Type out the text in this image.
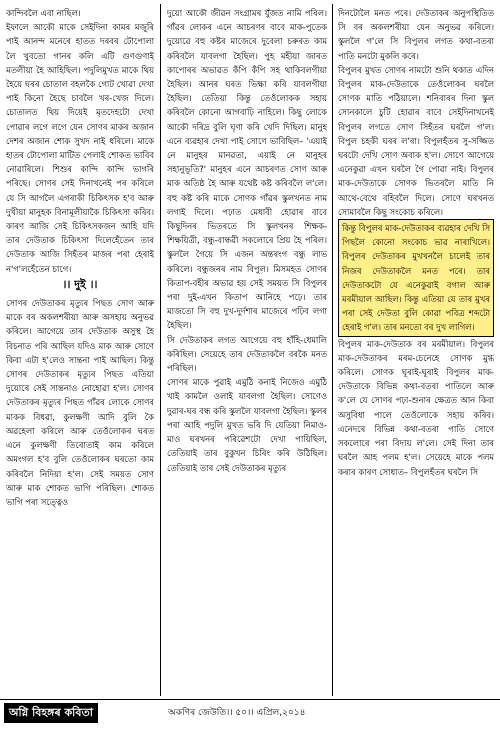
কান্দিবলৈ এবা নাছিল।

ইফালে আকৌ মাকে সেইদিনা কামৰ মজুৰি পাই আনন্দ মনেৰে হাতত দৰবৰ টোপোলা লৈ খুবতো গানৰ কলি এটি গুণগুণাই মতলীয়া হৈ আহিছিল। পদুলিমুখত মাকে থিয় হৈয়ে ঘৰৰ চোতাল বহলকৈ গোট খোৱা দেখা পাই কিনো হৈছে চাবলৈ খৰ-খেজ দিলে। চোতালত থিয় দিয়েই মৃতদেহটো দেখা পোৱাৰ লগে লগে যেন সোণৰ মাকৰ অজান দেশৰ অজান শোক সুখদ নাই ধৰিলে। মাকে হাতৰ টোপোলা মাটিত পেলাই শোকত ভাবিব নোৱাৰিলে। শিশুৰ কান্দি কান্দি ভাগৰি পৰিছে। সোণৰ সেই দিনাখনেই পৰ কৰিলে যে সি আগলৈ এগৰাকী চিকিৎসক হ'ব আৰু দুখীয়া মানুহক বিনামূলীয়াকৈ চিকিৎসা কৰিব। কাৰণ আজি সেই চিকিৎসকজন আহি যদি তাৰ দেউতাক চিকিৎসা দিলেহেঁতেন তাৰ দেউতাক আজি সিহঁতৰ মাজৰ পৰা হেৰাই ন'গ'লহেঁতেন চাগে।

।। দুই ।।

সোণৰ দেউতাকৰ মৃত্যুৰ পিছত সোণ আৰু মাকে বৰ অকলশৰীয়া আৰু অসহায় অনুভৱ কৰিলে। আগেয়ে তাৰ দেউতাক অসুস্থ হৈ বিচনাত পৰি আছিল যদিও মাক আৰু সোণে কিবা এটা হ'লেও সান্তনা পাই আছিল। কিন্তু সোণৰ দেউতাকৰ মৃত্যুৰ পিছত এতিয়া দুয়োৰে সেই সান্তনাও নোহোৱা হ'ল। সোণৰ দেউতাকৰ মৃত্যুৰ পিছত গাঁৱৰ লোকে সোণৰ মাকক বিধৱা, কুলক্ষণী আদি বুলি কৈ অৱহেলা কৰিলে আৰু তেওঁলোকৰ ঘৰত এনে কুলক্ষণী তিৰোতাই কাম কৰিলে অমংগল হ'ব বুলি তেওঁলোকৰ ঘৰতো কাম কৰিবলৈ নিদিয়া হ'ল। সেই সময়ত সোণ আৰু মাক শোকত ভাগি পৰিছিল। শোকত ভাগি পৰা সত্ত্বেও

দুয়ো আকৌ জীৱন সংগ্ৰামৰ যুঁজত নামি পৰিল। গাঁৱৰ লোকৰ এনে আচৰণৰ বাবে মাক-পুতেক দুয়োৱে বহু কষ্টৰ মাজেৰে দুবেলা চৰুৰত কাম কৰিবলৈ যাবলগা হৈছিল। পুহ মহীয়া জাৰত কাপোৰৰ অভাৱত কঁপি কঁপি সহ থাকিবলগীয়া হৈছিল। আনৰ ঘৰত ভিক্ষা কৰি যাবলগীয়া হৈছিল। তেতিয়া কিন্তু তেওঁলোকক সহায় কৰিবলৈ কোনো আগবাঢ়ি নাহিলে। কিছু লোকে আকৌ দৰিদ্ৰ বুলি ঘৃণা কৰি খেদি দিছিল। মানুহ এনে ব্যৱহাৰ দেখা পাই সোণে ভাবিছিল– 'এয়াই নে মানুহৰ মানৱতা, এয়াই নে মানুহৰ সহানুভূতি?' মানুহৰ এনে আচৰণত সোণ আৰু মাক অতিষ্ঠ হৈ আৰু যথেষ্ট কষ্ট কৰিবলৈ ল'লে। বহু কষ্ট কৰি মাকে সোণক গাঁৱৰ স্কুলখনত নাম লগাই দিলে। পঢ়াত মেধাবী হোৱাৰ বাবে কিছুদিনৰ ভিতৰতে সি স্কুলখনৰ শিক্ষক-শিক্ষয়িত্ৰী, বন্ধু-বান্ধৱী সকলোৰে প্ৰিয় হৈ পৰিল। স্কুললৈ গৈয়ে সি এজন অন্তৰংগ বন্ধু লাভ কৰিলে। বন্ধুজনৰ নাম বিপুল। মিসমহত সোণৰ কিতাপ-বহীৰ অভাৱ হয় সেই সময়ত সি বিপুলৰ পৰা দুই-এখন কিতাপ আনিহে পঢ়ে। তাৰ মাজতো সি বহু দুখ-দুৰ্দশাৰ মাজেৰে পঢ়িব লগা হৈছিল।

সি দেউতাকৰ লগত আগেয়ে বহু হাঁহি-ধেমালি কৰিছিল। সেয়েহে তাৰ দেউতাকলৈ বৰকৈ মনত পৰিছিল।

সোণৰ মাকে পুৱাই এমুঠি কনাই নিজেও এমুঠি খাই কামলৈ ওলাই যাবলগা হৈছিল। সোণেও দুৱাৰ-ঘৰ বন্ধ কৰি স্কুললৈ যাবলগা হৈছিল। স্কুলৰ পৰা আহি পদুলি মুখত ভৰি দি যেতিয়া নিমাও-মাও ঘৰখনৰ পৰিৱেশটো দেখা পায়িছিল, তেতিয়াই তাৰ বুকুখন চিৰিং কৰি উঠিছিল। তেতিয়াই তাৰ সেই দেউতাকৰ মৃত্যুৰ

দিনটোলৈ মনত পৰে। দেউতাকৰ অনুপস্থিতিত সি বৰ অকলশৰীয়া যেন অনুভৱ কৰিলে। স্কুললৈ গ'লে সি বিপুলৰ লগত কথা-বতৰা পাতি মনটো মুকলি কৰে।

বিপুলৰ মুখত সোণৰ নামটো শুনি থকাত এদিন বিপুলৰ মাক-দেউতাকে তেওঁলোকৰ ঘৰলৈ সোণক মাতি পঠিয়ালে। শনিবাৰৰ দিনা স্কুল সোনকালে চুটি হোৱাৰ বাবে সেইদিনাখনেই বিপুলৰ লগতে সোণ সিহঁতৰ ঘৰলৈ গ'ল। বিপুল চহকী ঘৰৰ ল'ৰা। বিপুলহঁতৰ সু-সজ্জিত ঘৰটো দেখি সোণ অবাক হ'ল। সোণে আগেয়ে এনেকুৱা এখন ঘৰলৈ গৈ পোৱা নাই। বিপুলৰ মাক-দেউতাকে সোণক ভিতৰলৈ মাতি নি আথে-বেথে বহিবলৈ দিলে। সোণে ঘৰখনত সোমাবলৈ কিছু সংকোচ কৰিলে।

কিন্তু বিপুলৰ মাক-দেউতাকৰ ব্যৱহাৰ দেখি সি পিছলৈ কোনো সংকোচ ভাৱ নাৰাখিলে। বিপুলৰ দেউতাকৰ মুখখনলৈ চালেই তাৰ নিজৰ দেউতাকলৈ মনত পৰে। তাৰ দেউতাকটো যে এনেকুৱাই বগাল আৰু মৰমীয়াল আছিল। কিন্তু এতিয়া যে তাৰ মুখৰ পৰা সেই দেউতা বুলি কোৱা পবিত্ৰ শব্দটো হেৰাই গ'ল। তাৰ মনতো বৰ দুখ লাগিল।

বিপুলৰ মাক-দেউতাক বৰ মৰমীয়াল। বিপুলৰ মাক-দেউতাকৰ মৰম-চেনেহে সোণক মুগ্ধ কৰিলে। সোণক ঘূৰাই-ঘূৰাই বিপুলৰ মাক-দেউতাকে বিভিন্ন কথা-বতৰা পাতিলে আৰু ক'লে যে সোণৰ পঢ়া-শুনাৰ ক্ষেত্ৰত আন কিবা অসুবিধা পালে তেওঁলোকে সহায় কৰিব। এনেদৰে বিভিন্ন কথা-বতৰা পাতি সোণে সকলোৰে পৰা বিদায় ল'লে। সেই দিনা তাৰ ঘৰলৈ আহ পলম হ'ল। সেয়েহে মাকে পলম কৰাৰ কাৰণ সোধাত– বিপুলহঁতৰ ঘৰলৈ সি

অগ্নি বিহঙ্গৰ কবিতা	অকণিৰ জেউতি।। ৫০।। এপ্ৰিল,২০১৪
